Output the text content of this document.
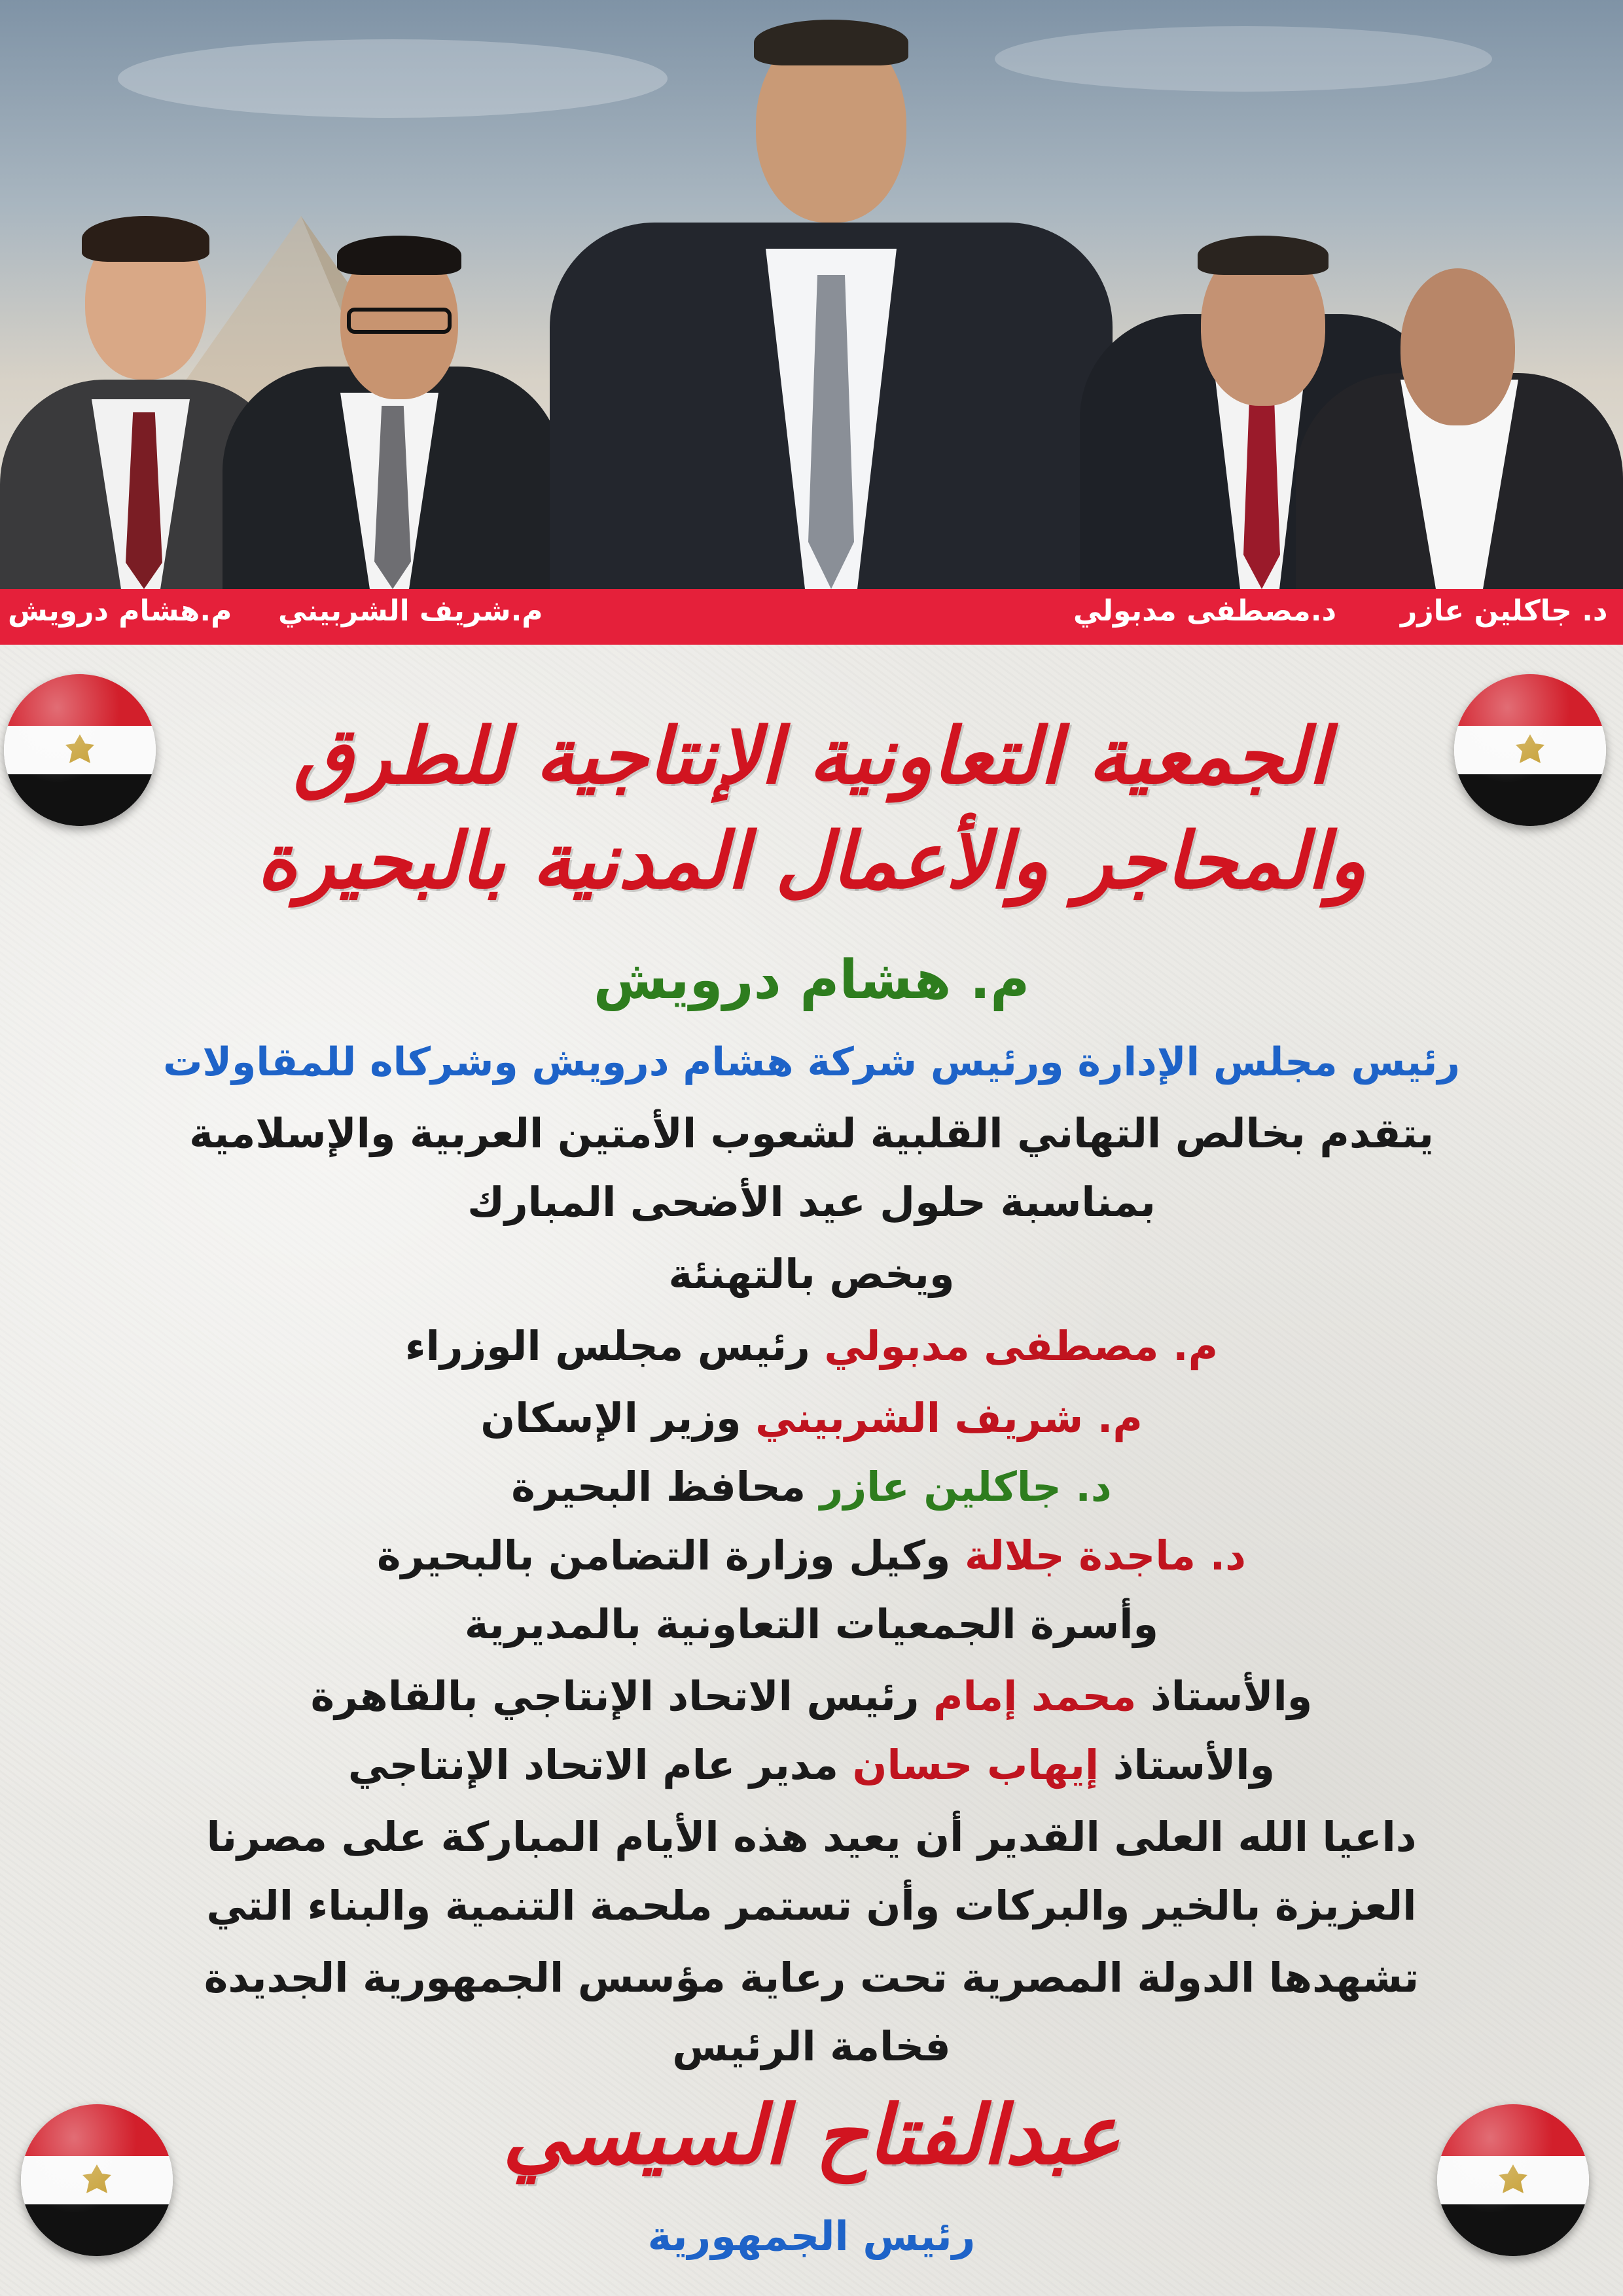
م.هشام درويش م.شريف الشربيني	د.مصطفى مدبولي د. جاكلين عازر
الجمعية التعاونية الإنتاجية للطرق
والمحاجر والأعمال المدنية بالبحيرة
م. هشام درويش
رئيس مجلس الإدارة ورئيس شركة هشام درويش وشركاه للمقاولات
يتقدم بخالص التهاني القلبية لشعوب الأمتين العربية والإسلامية
بمناسبة حلول عيد الأضحى المبارك
ويخص بالتهنئة
م. مصطفى مدبولي رئيس مجلس الوزراء
م. شريف الشربيني وزير الإسكان
د. جاكلين عازر محافظ البحيرة
د. ماجدة جلالة وكيل وزارة التضامن بالبحيرة
وأسرة الجمعيات التعاونية بالمديرية
والأستاذ محمد إمام رئيس الاتحاد الإنتاجي بالقاهرة
والأستاذ إيهاب حسان مدير عام الاتحاد الإنتاجي
داعيا الله العلى القدير أن يعيد هذه الأيام المباركة على مصرنا
العزيزة بالخير والبركات وأن تستمر ملحمة التنمية والبناء التي
تشهدها الدولة المصرية تحت رعاية مؤسس الجمهورية الجديدة
فخامة الرئيس
عبدالفتاح السيسي
رئيس الجمهورية
